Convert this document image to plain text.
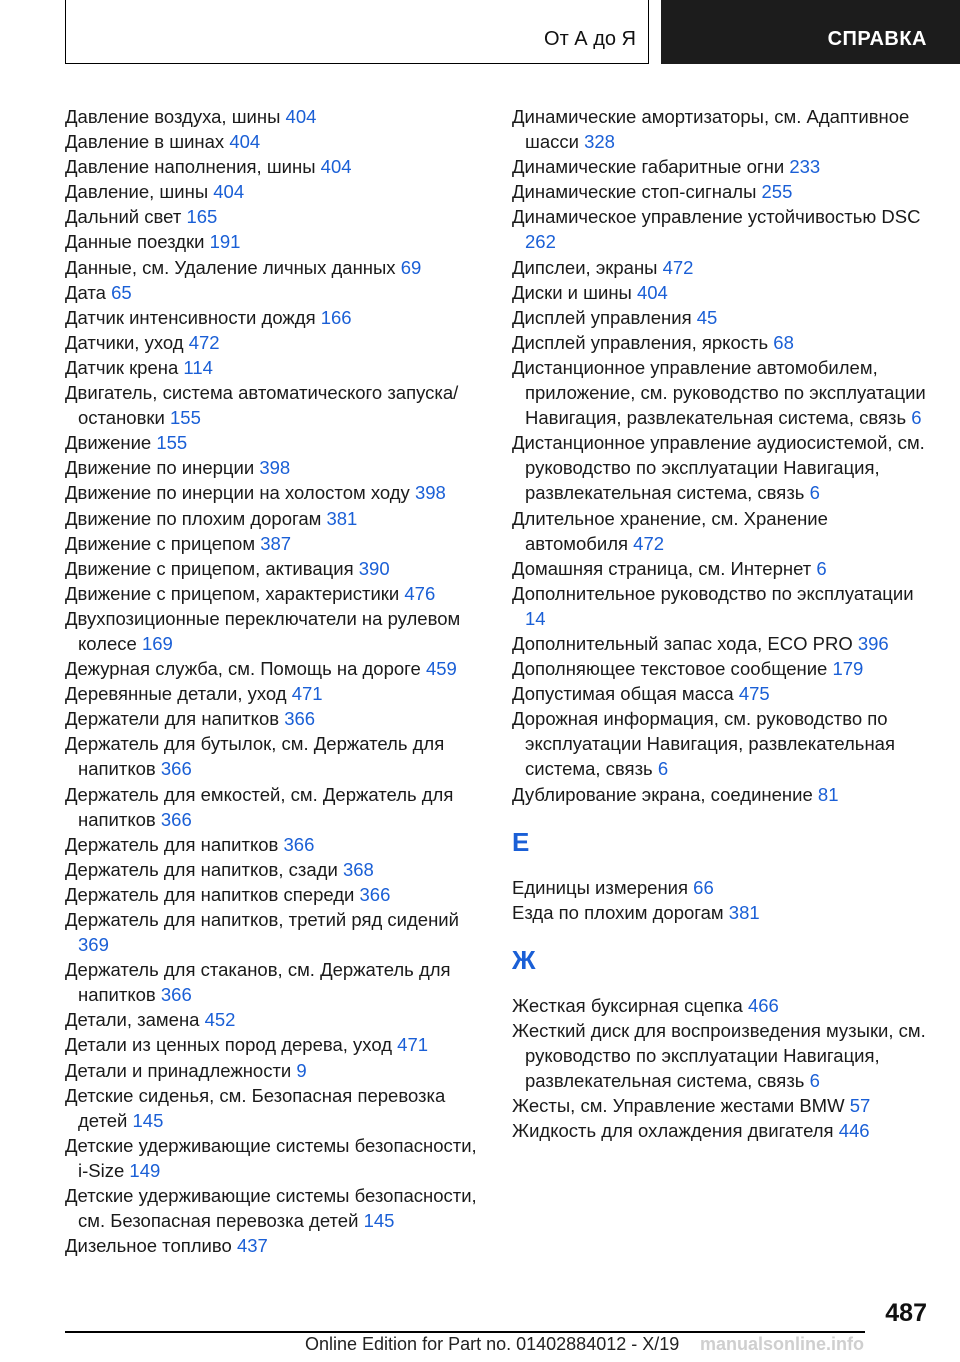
От А до Я	СПРАВКА
Давление воздуха, шины 404
Давление в шинах 404
Давление наполнения, шины 404
Давление, шины 404
Дальний свет 165
Данные поездки 191
Данные, см. Удаление личных данных 69
Дата 65
Датчик интенсивности дождя 166
Датчики, уход 472
Датчик крена 114
Двигатель, система автоматического запуска/остановки 155
Движение 155
Движение по инерции 398
Движение по инерции на холостом ходу 398
Движение по плохим дорогам 381
Движение с прицепом 387
Движение с прицепом, активация 390
Движение с прицепом, характеристики 476
Двухпозиционные переключатели на рулевом колесе 169
Дежурная служба, см. Помощь на дороге 459
Деревянные детали, уход 471
Держатели для напитков 366
Держатель для бутылок, см. Держатель для напитков 366
Держатель для емкостей, см. Держатель для напитков 366
Держатель для напитков 366
Держатель для напитков, сзади 368
Держатель для напитков спереди 366
Держатель для напитков, третий ряд сидений 369
Держатель для стаканов, см. Держатель для напитков 366
Детали, замена 452
Детали из ценных пород дерева, уход 471
Детали и принадлежности 9
Детские сиденья, см. Безопасная перевозка детей 145
Детские удерживающие системы безопасности, i-Size 149
Детские удерживающие системы безопасности, см. Безопасная перевозка детей 145
Дизельное топливо 437
Динамические амортизаторы, см. Адаптивное шасси 328
Динамические габаритные огни 233
Динамические стоп-сигналы 255
Динамическое управление устойчивостью DSC 262
Дипслеи, экраны 472
Диски и шины 404
Дисплей управления 45
Дисплей управления, яркость 68
Дистанционное управление автомобилем, приложение, см. руководство по эксплуатации Навигация, развлекательная система, связь 6
Дистанционное управление аудиосистемой, см. руководство по эксплуатации Навигация, развлекательная система, связь 6
Длительное хранение, см. Хранение автомобиля 472
Домашняя страница, см. Интернет 6
Дополнительное руководство по эксплуатации 14
Дополнительный запас хода, ECO PRO 396
Дополняющее текстовое сообщение 179
Допустимая общая масса 475
Дорожная информация, см. руководство по эксплуатации Навигация, развлекательная система, связь 6
Дублирование экрана, соединение 81
Е
Единицы измерения 66
Езда по плохим дорогам 381
Ж
Жесткая буксирная сцепка 466
Жесткий диск для воспроизведения музыки, см. руководство по эксплуатации Навигация, развлекательная система, связь 6
Жесты, см. Управление жестами BMW 57
Жидкость для охлаждения двигателя 446
487
Online Edition for Part no. 01402884012 - X/19 manualsonline.info
